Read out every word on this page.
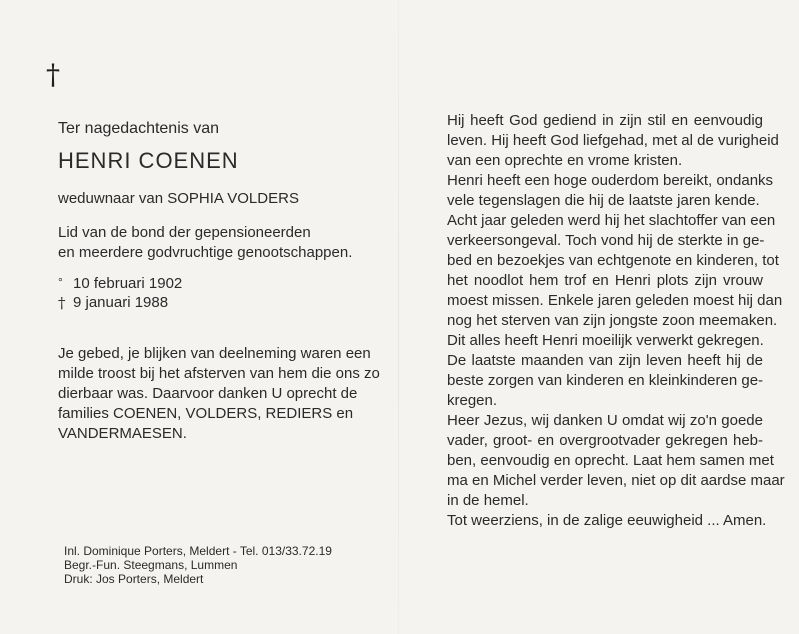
†
Ter nagedachtenis van
HENRI COENEN
weduwnaar van SOPHIA VOLDERS
Lid van de bond der gepensioneerden
en meerdere godvruchtige genootschappen.
° 10 februari 1902
† 9 januari 1988
Je gebed, je blijken van deelneming waren een
milde troost bij het afsterven van hem die ons zo
dierbaar was. Daarvoor danken U oprecht de
families COENEN, VOLDERS, REDIERS en
VANDERMAESEN.
Inl. Dominique Porters, Meldert - Tel. 013/33.72.19
Begr.-Fun. Steegmans, Lummen
Druk: Jos Porters, Meldert
Hij heeft God gediend in zijn stil en eenvoudig
leven. Hij heeft God liefgehad, met al de vurigheid
van een oprechte en vrome kristen.
Henri heeft een hoge ouderdom bereikt, ondanks
vele tegenslagen die hij de laatste jaren kende.
Acht jaar geleden werd hij het slachtoffer van een
verkeersongeval. Toch vond hij de sterkte in ge-
bed en bezoekjes van echtgenote en kinderen, tot
het noodlot hem trof en Henri plots zijn vrouw
moest missen. Enkele jaren geleden moest hij dan
nog het sterven van zijn jongste zoon meemaken.
Dit alles heeft Henri moeilijk verwerkt gekregen.
De laatste maanden van zijn leven heeft hij de
beste zorgen van kinderen en kleinkinderen ge-
kregen.
Heer Jezus, wij danken U omdat wij zo'n goede
vader, groot- en overgrootvader gekregen heb-
ben, eenvoudig en oprecht. Laat hem samen met
ma en Michel verder leven, niet op dit aardse maar
in de hemel.
Tot weerziens, in de zalige eeuwigheid ... Amen.
